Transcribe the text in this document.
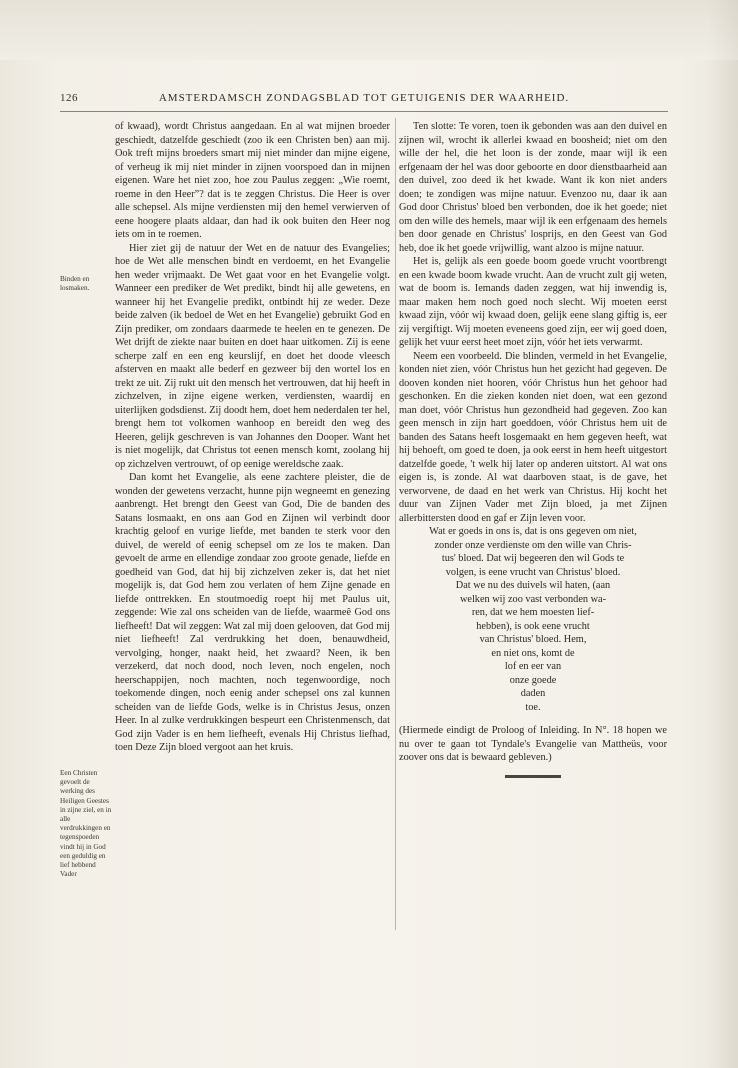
126	AMSTERDAMSCH ZONDAGSBLAD TOT GETUIGENIS DER WAARHEID.
Binden en losmaken.
Een Christen gevoelt de werking des Heiligen Geestes in zijne ziel, en in alle verdrukkingen en tegenspoeden vindt hij in God een geduldig en lief hebbend Vader

of kwaad), wordt Christus aangedaan. En al wat mijnen broeder geschiedt, datzelfde geschiedt (zoo ik een Christen ben) aan mij. Ook treft mijns broeders smart mij niet minder dan mijne eigene, of verheug ik mij niet minder in zijnen voorspoed dan in mijnen eigenen. Ware het niet zoo, hoe zou Paulus zeggen: „Wie roemt, roeme in den Heer”? dat is te zeggen Christus. Die Heer is over alle schepsel. Als mijne verdiensten mij den hemel verwierven of eene hoogere plaats aldaar, dan had ik ook buiten den Heer nog iets om in te roemen.

Hier ziet gij de natuur der Wet en de natuur des Evangelies; hoe de Wet alle menschen bindt en verdoemt, en het Evangelie hen weder vrijmaakt. De Wet gaat voor en het Evangelie volgt. Wanneer een prediker de Wet predikt, bindt hij alle gewetens, en wanneer hij het Evangelie predikt, ontbindt hij ze weder. Deze beide zalven (ik bedoel de Wet en het Evangelie) gebruikt God en Zijn prediker, om zondaars daarmede te heelen en te genezen. De Wet drijft de ziekte naar buiten en doet haar uitkomen. Zij is eene scherpe zalf en een eng keurslijf, en doet het doode vleesch afsterven en maakt alle bederf en gezweer bij den wortel los en trekt ze uit. Zij rukt uit den mensch het vertrouwen, dat hij heeft in zichzelven, in zijne eigene werken, verdiensten, waardij en uiterlijken godsdienst. Zij doodt hem, doet hem nederdalen ter hel, brengt hem tot volkomen wanhoop en bereidt den weg des Heeren, gelijk geschreven is van Johannes den Dooper. Want het is niet mogelijk, dat Christus tot eenen mensch komt, zoolang hij op zichzelven vertrouwt, of op eenige wereldsche zaak.

Dan komt het Evangelie, als eene zachtere pleister, die de wonden der gewetens verzacht, hunne pijn wegneemt en genezing aanbrengt. Het brengt den Geest van God, Die de banden des Satans losmaakt, en ons aan God en Zijnen wil verbindt door krachtig geloof en vurige liefde, met banden te sterk voor den duivel, de wereld of eenig schepsel om ze los te maken. Dan gevoelt de arme en ellendige zondaar zoo groote genade, liefde en goedheid van God, dat hij bij zichzelven zeker is, dat het niet mogelijk is, dat God hem zou verlaten of hem Zijne genade en liefde onttrekken. En stoutmoedig roept hij met Paulus uit, zeggende: Wie zal ons scheiden van de liefde, waarmeê God ons liefheeft! Dat wil zeggen: Wat zal mij doen gelooven, dat God mij niet liefheeft! Zal verdrukking het doen, benauwdheid, vervolging, honger, naakt heid, het zwaard? Neen, ik ben verzekerd, dat noch dood, noch leven, noch engelen, noch heerschappijen, noch machten, noch tegenwoordige, noch toekomende dingen, noch eenig ander schepsel ons zal kunnen scheiden van de liefde Gods, welke is in Christus Jesus, onzen Heer. In al zulke verdrukkingen bespeurt een Christenmensch, dat God zijn Vader is en hem liefheeft, evenals Hij Christus liefhad, toen Deze Zijn bloed vergoot aan het kruis.

Ten slotte: Te voren, toen ik gebonden was aan den duivel en zijnen wil, wrocht ik allerlei kwaad en boosheid; niet om den wille der hel, die het loon is der zonde, maar wijl ik een erfgenaam der hel was door geboorte en door dienstbaarheid aan den duivel, zoo deed ik het kwade. Want ik kon niet anders doen; te zondigen was mijne natuur. Evenzoo nu, daar ik aan God door Christus' bloed ben verbonden, doe ik het goede; niet om den wille des hemels, maar wijl ik een erfgenaam des hemels ben door genade en Christus' losprijs, en den Geest van God heb, doe ik het goede vrijwillig, want alzoo is mijne natuur.

Het is, gelijk als een goede boom goede vrucht voortbrengt en een kwade boom kwade vrucht. Aan de vrucht zult gij weten, wat de boom is. Iemands daden zeggen, wat hij inwendig is, maar maken hem noch goed noch slecht. Wij moeten eerst kwaad zijn, vóór wij kwaad doen, gelijk eene slang giftig is, eer zij vergiftigt. Wij moeten eveneens goed zijn, eer wij goed doen, gelijk het vuur eerst heet moet zijn, vóór het iets verwarmt.

Neem een voorbeeld. Die blinden, vermeld in het Evangelie, konden niet zien, vóór Christus hun het gezicht had gegeven. De dooven konden niet hooren, vóór Christus hun het gehoor had geschonken. En die zieken konden niet doen, wat een gezond man doet, vóór Christus hun gezondheid had gegeven. Zoo kan geen mensch in zijn hart goeddoen, vóór Christus hem uit de banden des Satans heeft losgemaakt en hem gegeven heeft, wat hij behoeft, om goed te doen, ja ook eerst in hem heeft uitgestort datzelfde goede, 't welk hij later op anderen uitstort. Al wat ons eigen is, is zonde. Al wat daarboven staat, is de gave, het verworvene, de daad en het werk van Christus. Hij kocht het duur van Zijnen Vader met Zijn bloed, ja met Zijnen allerbittersten dood en gaf er Zijn leven voor.

Wat er goeds in ons is, dat is ons gegeven om niet,

zonder onze verdienste om den wille van Chris-

tus' bloed. Dat wij begeeren den wil Gods te

volgen, is eene vrucht van Christus' bloed.

Dat we nu des duivels wil haten, (aan

welken wij zoo vast verbonden wa-

ren, dat we hem moesten lief-

hebben), is ook eene vrucht

van Christus' bloed. Hem,

en niet ons, komt de

lof en eer van

onze goede

daden

toe.

(Hiermede eindigt de Proloog of Inleiding. In N°. 18 hopen we nu over te gaan tot Tyndale's Evangelie van Mattheüs, voor zoover ons dat is bewaard gebleven.)
